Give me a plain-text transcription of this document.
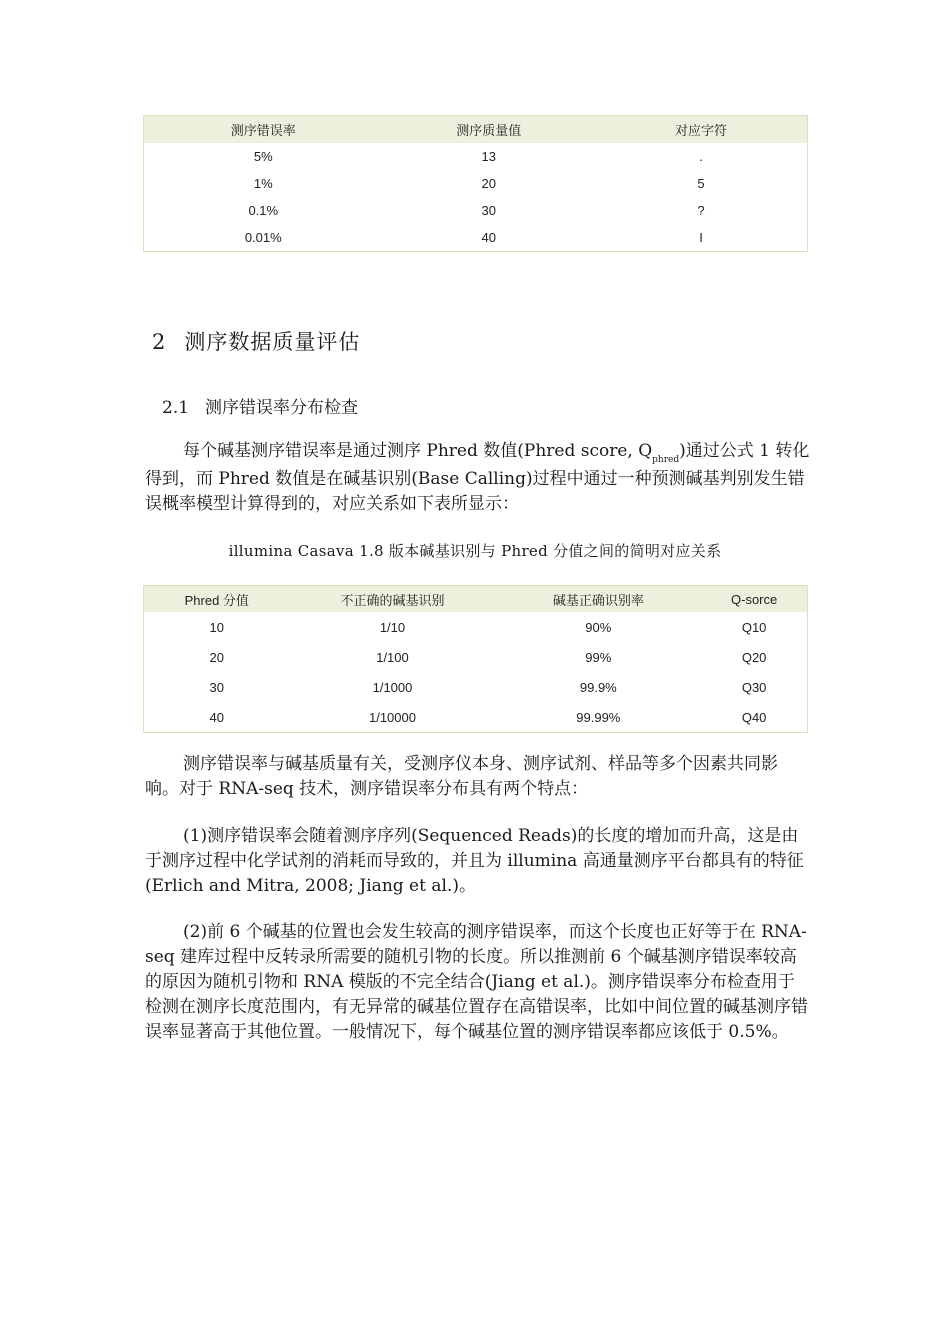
测序错误率	测序质量值	对应字符
5%	13	.
1%	20	5
0.1%	30	?
0.01%	40	I
2 测序数据质量评估
2.1 测序错误率分布检查

每个碱基测序错误率是通过测序 Phred 数值(Phred score, $Q_{phred}$)通过公式 1 转化得到，而 Phred 数值是在碱基识别(Base Calling)过程中通过一种预测碱基判别发生错误概率模型计算得到的，对应关系如下表所显示：

illumina Casava 1.8 版本碱基识别与 Phred 分值之间的简明对应关系
Phred 分值	不正确的碱基识别	碱基正确识别率	Q-sorce
10	1/10	90%	Q10
20	1/100	99%	Q20
30	1/1000	99.9%	Q30
40	1/10000	99.99%	Q40

测序错误率与碱基质量有关，受测序仪本身、测序试剂、样品等多个因素共同影响。对于 RNA-seq 技术，测序错误率分布具有两个特点：

(1)测序错误率会随着测序序列(Sequenced Reads)的长度的增加而升高，这是由于测序过程中化学试剂的消耗而导致的，并且为 illumina 高通量测序平台都具有的特征(Erlich and Mitra, 2008; Jiang et al.)。

(2)前 6 个碱基的位置也会发生较高的测序错误率，而这个长度也正好等于在 RNA-seq 建库过程中反转录所需要的随机引物的长度。所以推测前 6 个碱基测序错误率较高的原因为随机引物和 RNA 模版的不完全结合(Jiang et al.)。测序错误率分布检查用于检测在测序长度范围内，有无异常的碱基位置存在高错误率，比如中间位置的碱基测序错误率显著高于其他位置。一般情况下，每个碱基位置的测序错误率都应该低于 0.5%。
